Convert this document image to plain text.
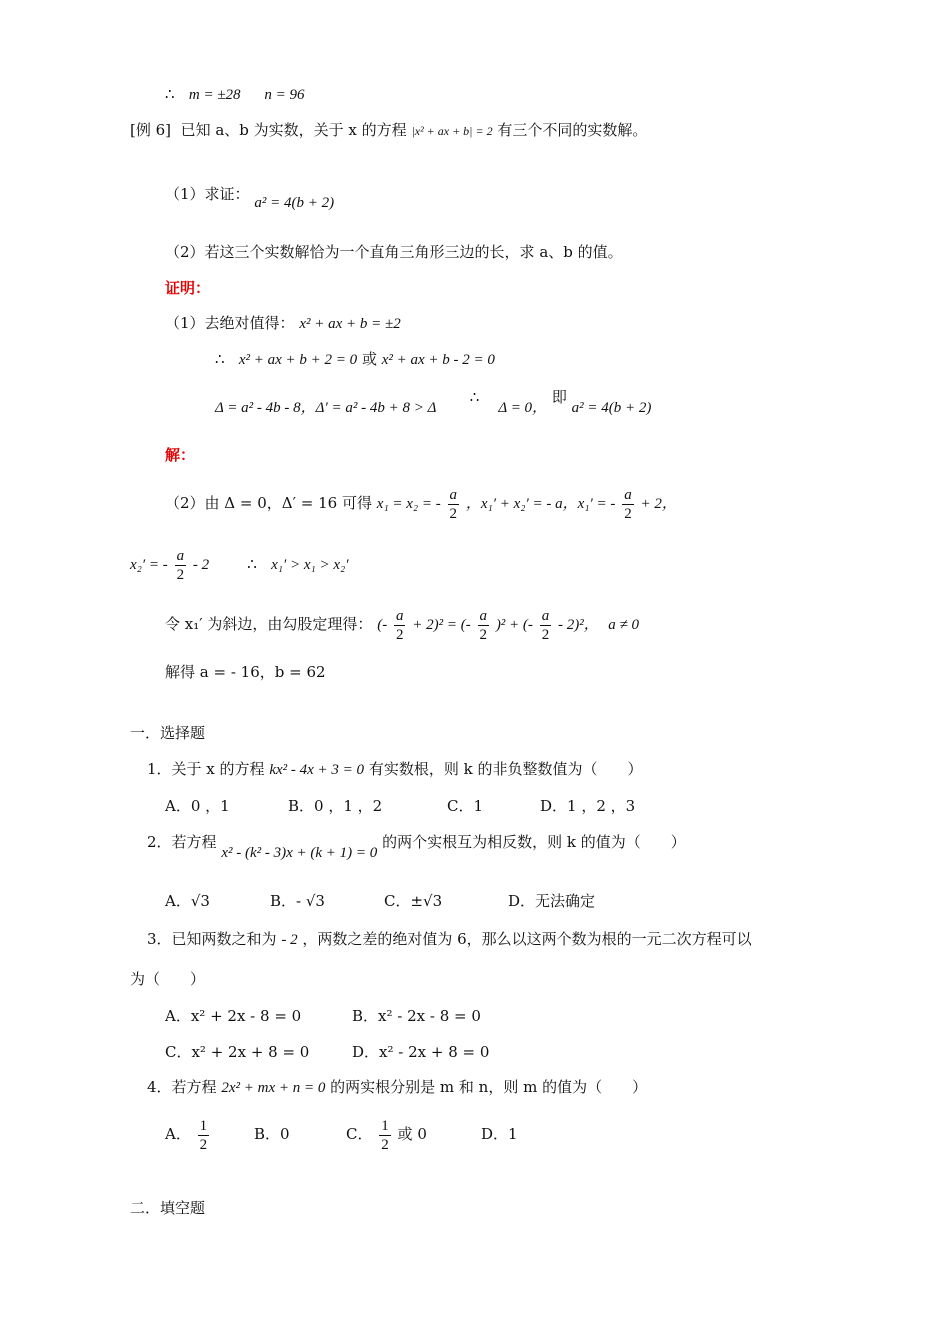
∴ m = ±28 n = 96
[例 6] 已知 a、b 为实数，关于 x 的方程 |x² + ax + b| = 2 有三个不同的实数解。
（1）求证： a² = 4(b + 2)
（2）若这三个实数解恰为一个直角三角形三边的长，求 a、b 的值。
证明：
（1）去绝对值得： x² + ax + b = ±2
∴ x² + ax + b + 2 = 0 或 x² + ax + b - 2 = 0
Δ = a² - 4b - 8，Δ′ = a² - 4b + 8 > Δ       ∴    Δ = 0， 即 a² = 4(b + 2)
解：
（2）由 Δ = 0，Δ′ = 16 可得 x₁ = x₂ = - $\frac{a}{2}$ ，x₁′ + x₂′ = - a，x₁′ = - $\frac{a}{2} + 2$，
x₂′ = - $\frac{a}{2} - 2$	∴ x₁′ > x₁ > x₂′
令 x₁′ 为斜边，由勾股定理得： (- $\frac{a}{2} + 2)^2$ = (- $\frac{a}{2} )^2$ + (- $\frac{a}{2} - 2)^2$， a ≠ 0
解得 a = - 16，b = 62
一．选择题
1．关于 x 的方程 kx² - 4x + 3 = 0 有实数根，则 k 的非负整数值为（　　）
A．0 ，1	B．0 ，1 ，2	C．1	D．1 ，2 ，3
2．若方程 x² - (k² - 3)x + (k + 1) = 0 的两个实根互为相反数，则 k 的值为（　　）
A．√3	B．- √3	C．±√3	D．无法确定
3．已知两数之和为 - 2 ，两数之差的绝对值为 6，那么以这两个数为根的一元二次方程可以
为（　　）
A．x² + 2x - 8 = 0	B．x² - 2x - 8 = 0
C．x² + 2x + 8 = 0	D．x² - 2x + 8 = 0
4．若方程 2x² + mx + n = 0 的两实根分别是 m 和 n，则 m 的值为（　　）
A． $\frac{1}{2}$	B．0	C． $\frac{1}{2}$ 或 0	D．1
二．填空题
